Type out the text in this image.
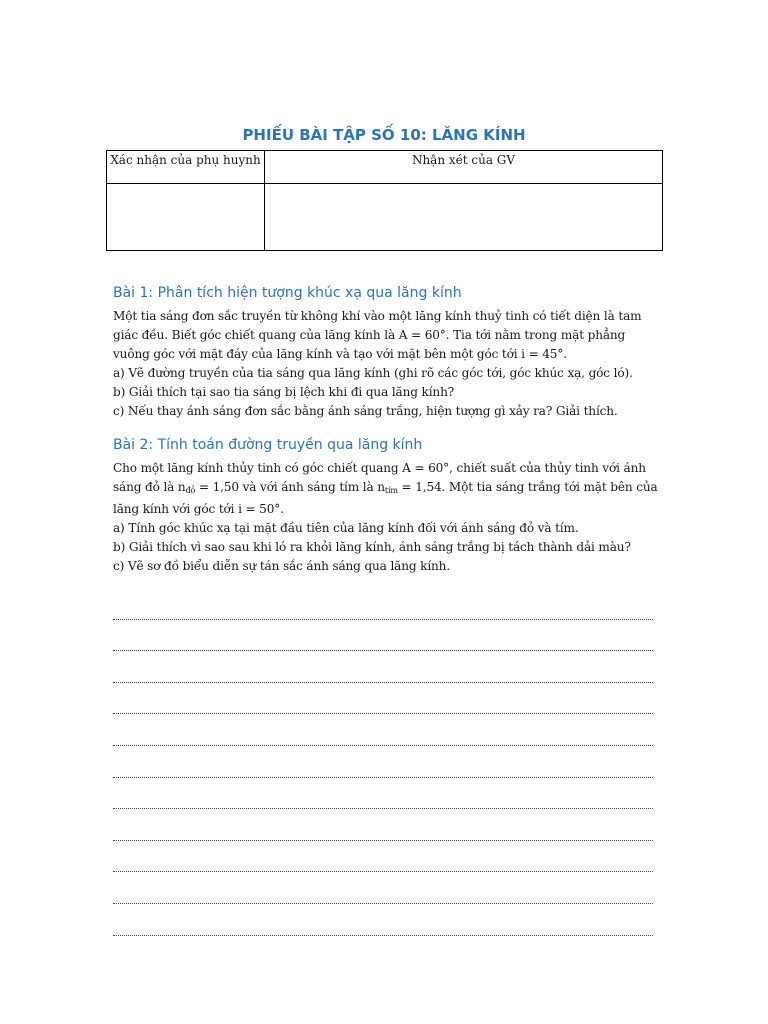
PHIẾU BÀI TẬP SỐ 10: LĂNG KÍNH
Xác nhận của phụ huynh	Nhận xét của GV

Bài 1: Phân tích hiện tượng khúc xạ qua lăng kính

Một tia sáng đơn sắc truyền từ không khí vào một lăng kính thuỷ tinh có tiết diện là tam giác đều. Biết góc chiết quang của lăng kính là A = 60°. Tia tới nằm trong mặt phẳng vuông góc với mặt đáy của lăng kính và tạo với mặt bên một góc tới i = 45°.

a) Vẽ đường truyền của tia sáng qua lăng kính (ghi rõ các góc tới, góc khúc xạ, góc ló).

b) Giải thích tại sao tia sáng bị lệch khi đi qua lăng kính?

c) Nếu thay ánh sáng đơn sắc bằng ánh sáng trắng, hiện tượng gì xảy ra? Giải thích.

Bài 2: Tính toán đường truyền qua lăng kính

Cho một lăng kính thủy tinh có góc chiết quang A = 60°, chiết suất của thủy tinh với ánh sáng đỏ là $n_{đỏ} = 1,50$ và với ánh sáng tím là $n_{tím} = 1,54$. Một tia sáng trắng tới mặt bên của lăng kính với góc tới i = 50°.

a) Tính góc khúc xạ tại mặt đầu tiên của lăng kính đối với ánh sáng đỏ và tím.

b) Giải thích vì sao sau khi ló ra khỏi lăng kính, ánh sáng trắng bị tách thành dải màu?

c) Vẽ sơ đồ biểu diễn sự tán sắc ánh sáng qua lăng kính.
